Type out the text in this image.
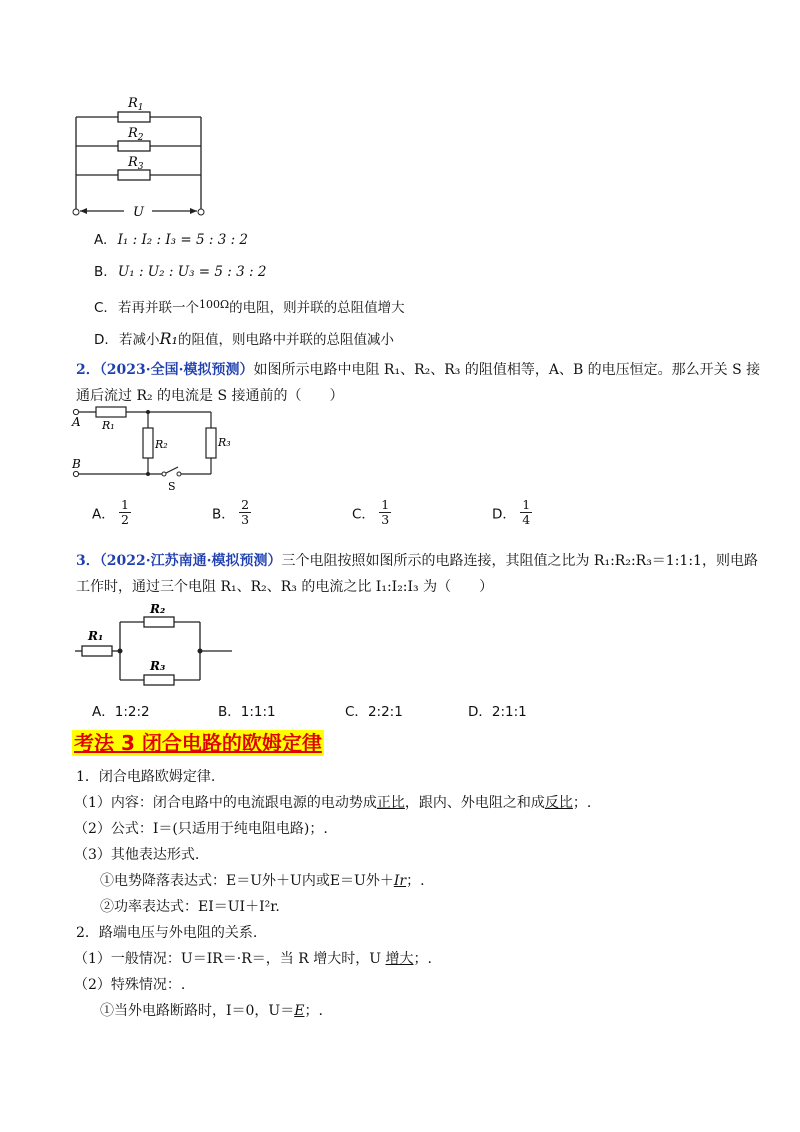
$R_1$
$R_2$
$R_3$
U
A. I₁ : I₂ : I₃ = 5 : 3 : 2
B. U₁ : U₂ : U₃ = 5 : 3 : 2
C. 若再并联一个$^{100\Omega}$的电阻，则并联的总阻值增大
D. 若减小R₁的阻值，则电路中并联的总阻值减小
2．（2023·全国·模拟预测）如图所示电路中电阻 R₁、R₂、R₃ 的阻值相等，A、B 的电压恒定。那么开关 S 接
通后流过 R₂ 的电流是 S 接通前的（　　）
A
B
R₁
R₂	R₃
S
A． $\frac{1}{2}$	B． $\frac{2}{3}$	C． $\frac{1}{3}$	D． $\frac{1}{4}$
3．（2022·江苏南通·模拟预测）三个电阻按照如图所示的电路连接，其阻值之比为 R₁:R₂:R₃＝1:1:1，则电路
工作时，通过三个电阻 R₁、R₂、R₃ 的电流之比 I₁:I₂:I₃ 为（　　）
R₁
R₂
R₃
A．1:2:2	B．1:1:1	C．2:2:1	D．2:1:1
考法 3 闭合电路的欧姆定律
1．闭合电路欧姆定律.
（1）内容：闭合电路中的电流跟电源的电动势成正比，跟内、外电阻之和成反比；.
（2）公式：I＝(只适用于纯电阻电路)；.
（3）其他表达形式.
①电势降落表达式：E＝U外＋U内或E＝U外＋Ir；.
②功率表达式：EI＝UI＋I²r.
2．路端电压与外电阻的关系.
（1）一般情况：U＝IR＝·R＝，当 R 增大时，U 增大；.
（2）特殊情况：.
①当外电路断路时，I＝0，U＝E；.
